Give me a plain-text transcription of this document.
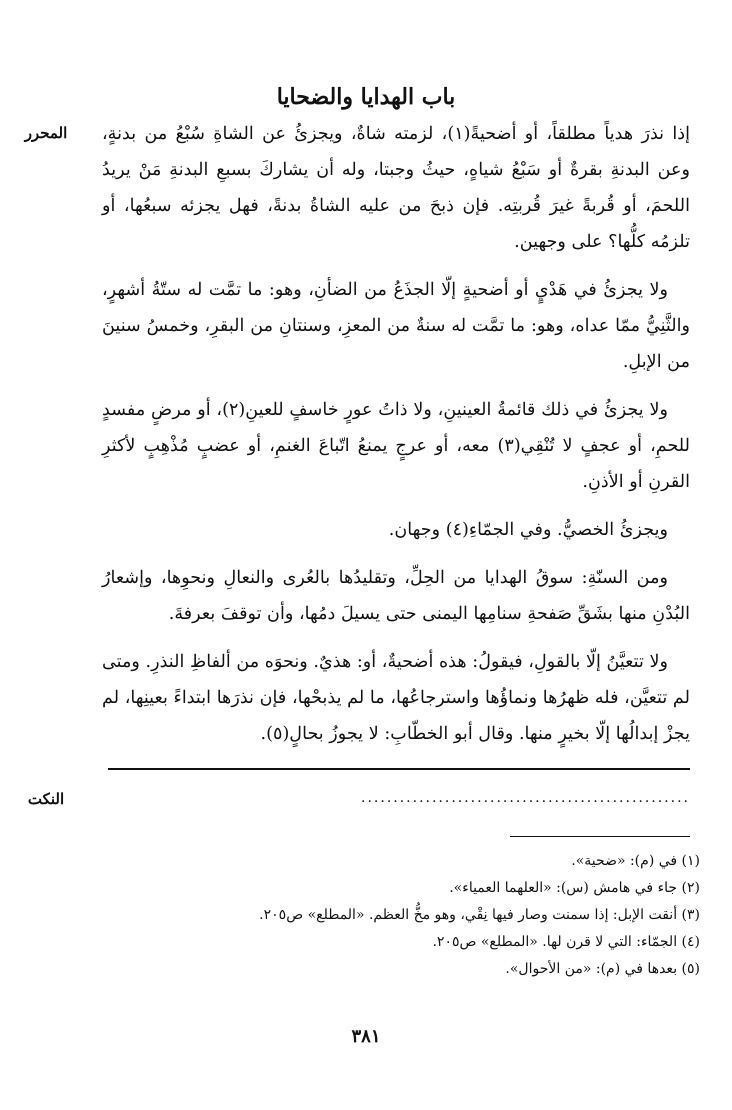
باب الهدايا والضحايا
المحرر	إذا نذرَ هدياً مطلقاً، أو أضحيةً(١)، لزمته شاةٌ، ويجزئُ عن الشاةِ سُبْعُ من بدنةٍ، وعن البدنةِ بقرةٌ أو سَبْعُ شياهٍ، حيثُ وجبتا، وله أن يشاركَ بسبعِ البدنةِ مَنْ يريدُ اللحمَ، أو قُربةً غيرَ قُربتِه. فإن ذبحَ من عليه الشاةُ بدنةً، فهل يجزئه سبعُها، أو تلزمُه كلُّها؟ على وجهين.

ولا يجزئُ في هَدْيٍ أو أضحيةٍ إلّا الجذَعُ من الضأنِ، وهو: ما تمَّت له ستّةُ أشهرٍ، والثَّنِيُّ ممّا عداه، وهو: ما تمَّت له سنةٌ من المعزِ، وسنتانِ من البقرِ، وخمسُ سنينَ من الإبلِ.

ولا يجزئُ في ذلك قائمةُ العينينِ، ولا ذاتُ عورٍ خاسفٍ للعينِ(٢)، أو مرضٍ مفسدٍ للحمِ، أو عجفٍ لا تُنْقِي(٣) معه، أو عرجٍ يمنعُ اتّباعَ الغنمِ، أو عضبٍ مُذْهِبٍ لأكثرِ القرنِ أو الأذنِ.

ويجزئُ الخصيُّ. وفي الجمّاءِ(٤) وجهان.

ومن السنّةِ: سوقُ الهدايا من الحِلِّ، وتقليدُها بالعُرى والنعالِ ونحوِها، وإشعارُ البُدْنِ منها بشَقِّ صَفحةِ سنامِها اليمنى حتى يسيلَ دمُها، وأن توقفَ بعرفةَ.

ولا تتعيَّنُ إلّا بالقولِ، فيقولُ: هذه أضحيةٌ، أو: هذيٌ. ونحوَه من ألفاظِ النذرِ. ومتى لم تتعيَّن، فله ظهرُها ونماؤُها واسترجاعُها، ما لم يذبحْها، فإن نذرَها ابتداءً بعينِها، لم يجزْ إبدالُها إلّا بخيرٍ منها. وقال أبو الخطّابِ: لا يجوزُ بحالٍ(٥).

النكت	...................................................
(١) في (م): «ضحية».
(٢) جاء في هامش (س): «العلهما العمياء».
(٣) أنقت الإبل: إذا سمنت وصار فيها نِقْي، وهو مخُّ العظم. «المطلع» ص٢٠٥.
(٤) الجمّاء: التي لا قرن لها. «المطلع» ص٢٠٥.
(٥) بعدها في (م): «من الأحوال».
٣٨١
